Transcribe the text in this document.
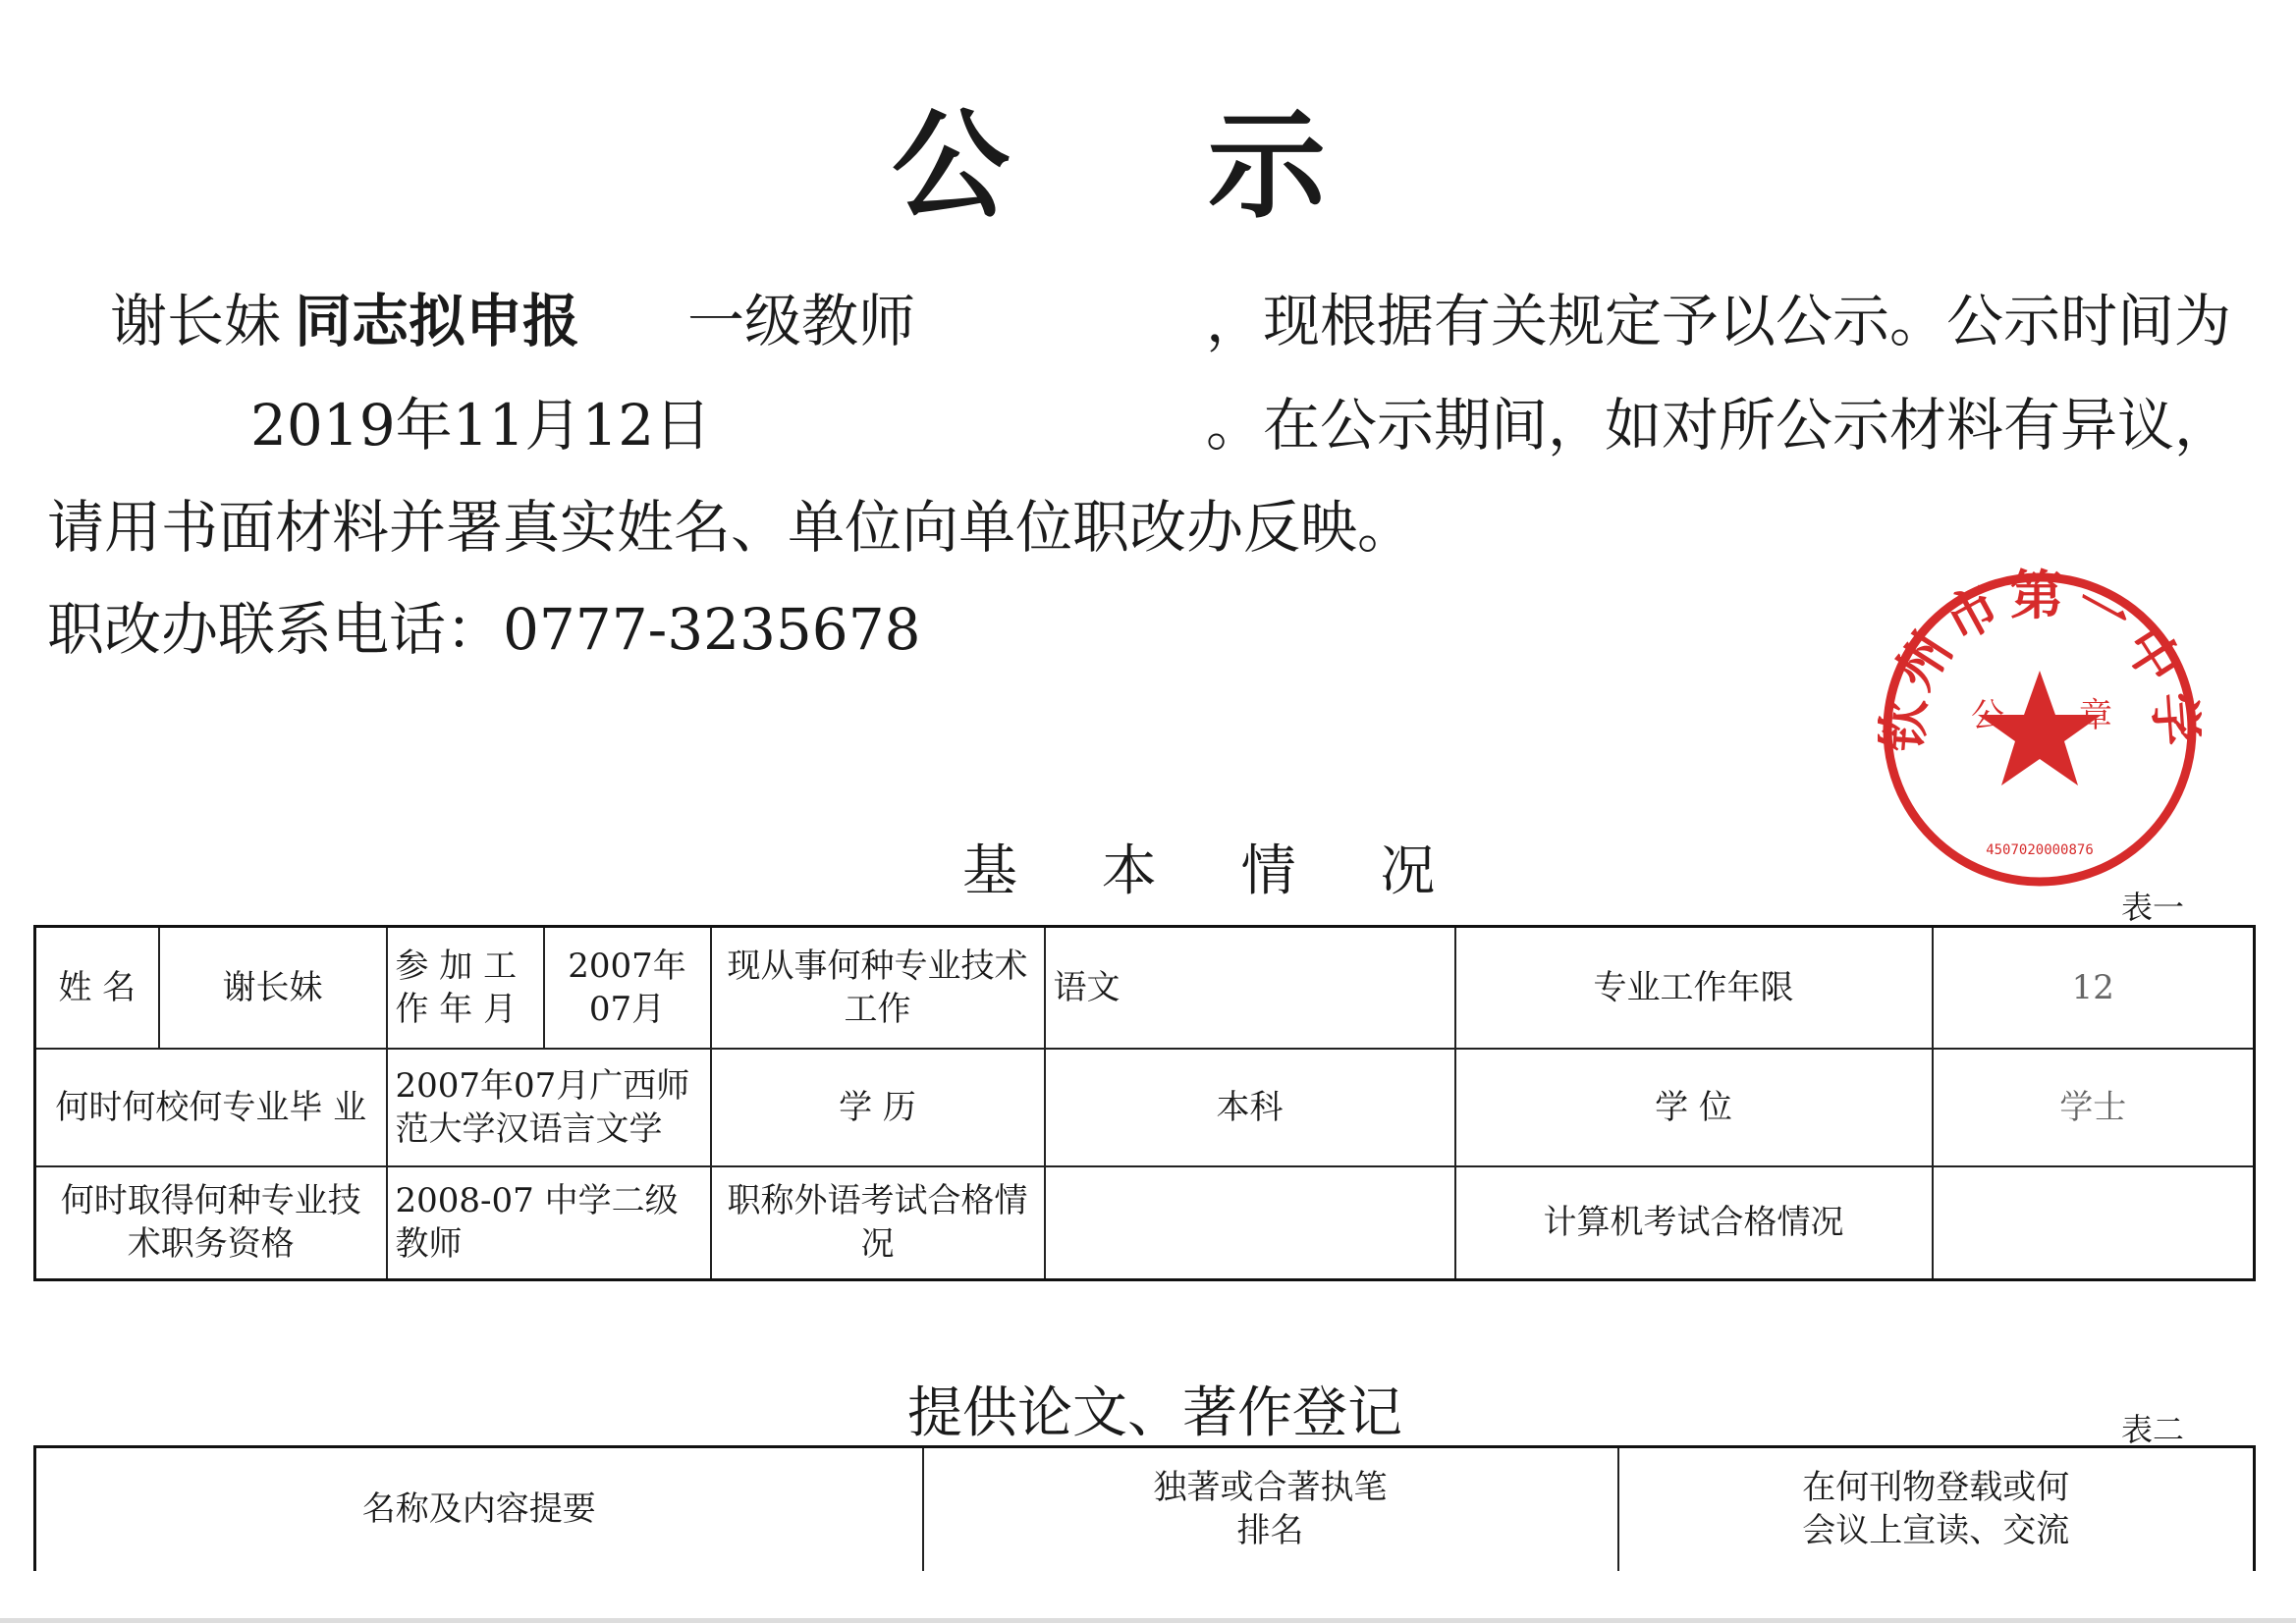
公 示
谢长妹 同志拟申报 一级教师	，现根据有关规定予以公示。公示时间为
2019年11月12日	。在公示期间，如对所公示材料有异议，
请用书面材料并署真实姓名、单位向单位职改办反映。
职改办联系电话：0777-3235678
钦州市第一中学
公 章
4507020000876
基 本 情 况
表一
姓 名	谢长妹	参 加 工作 年 月	2007年07月	现从事何种专业技术工作	语文	专业工作年限	12
何时何校何专业毕 业		2007年07月广西师范大学汉语言文学		学 历	本科	学 位	学士
何时取得何种专业技术职务资格		2008-07 中学二级教师		职称外语考试合格情况		计算机考试合格情况	
提供论文、著作登记	表二
名称及内容提要	独著或合著执笔排名	在何刊物登载或何会议上宣读、交流
